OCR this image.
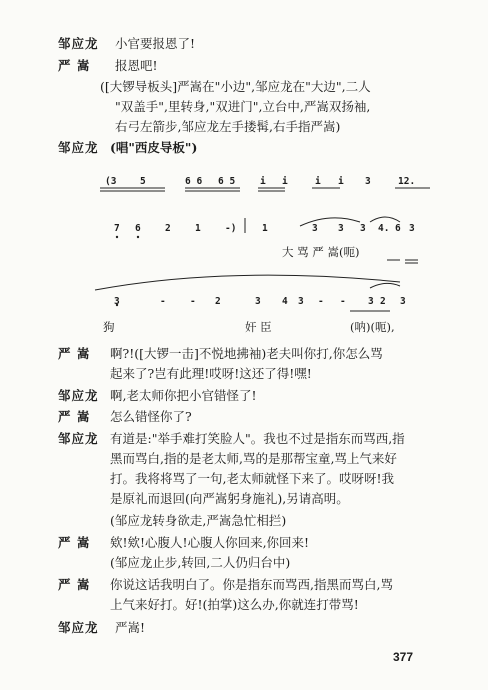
邹应龙 小官要报恩了!
严 嵩 报恩吧!
([大锣导板头]严嵩在"小边",邹应龙在"大边",二人
"双盖手",里转身,"双进门",立台中,严嵩双扬袖,
右弓左箭步,邹应龙左手搂髯,右手指严嵩)
邹应龙 (唱"西皮导板")
(3 5	6 6 6 5	i i	i i 3	12.
7 6	2	1	-)	1	3 3 3 4. 6 3
大 骂 严 嵩(呃)
3	-	- 2	3 4 3 - - 3 2 3
狗	奸 臣	(呐)(呃),
严 嵩 啊?!([大锣一击]不悦地拂袖)老夫叫你打,你怎么骂
起来了?岂有此理!哎呀!这还了得!嘿!
邹应龙 啊,老太师你把小官错怪了!
严 嵩 怎么错怪你了?
邹应龙 有道是:"举手难打笑脸人"。我也不过是指东而骂西,指
黑而骂白,指的是老太师,骂的是那帮宝童,骂上气来好
打。我将将骂了一句,老太师就怪下来了。哎呀呀!我
是原礼而退回(向严嵩躬身施礼),另请高明。
(邹应龙转身欲走,严嵩急忙相拦)
严 嵩 欸!欸!心腹人!心腹人你回来,你回来!
(邹应龙止步,转回,二人仍归台中)
严 嵩 你说这话我明白了。你是指东而骂西,指黑而骂白,骂
上气来好打。好!(拍掌)这么办,你就连打带骂!
邹应龙 严嵩!
377
